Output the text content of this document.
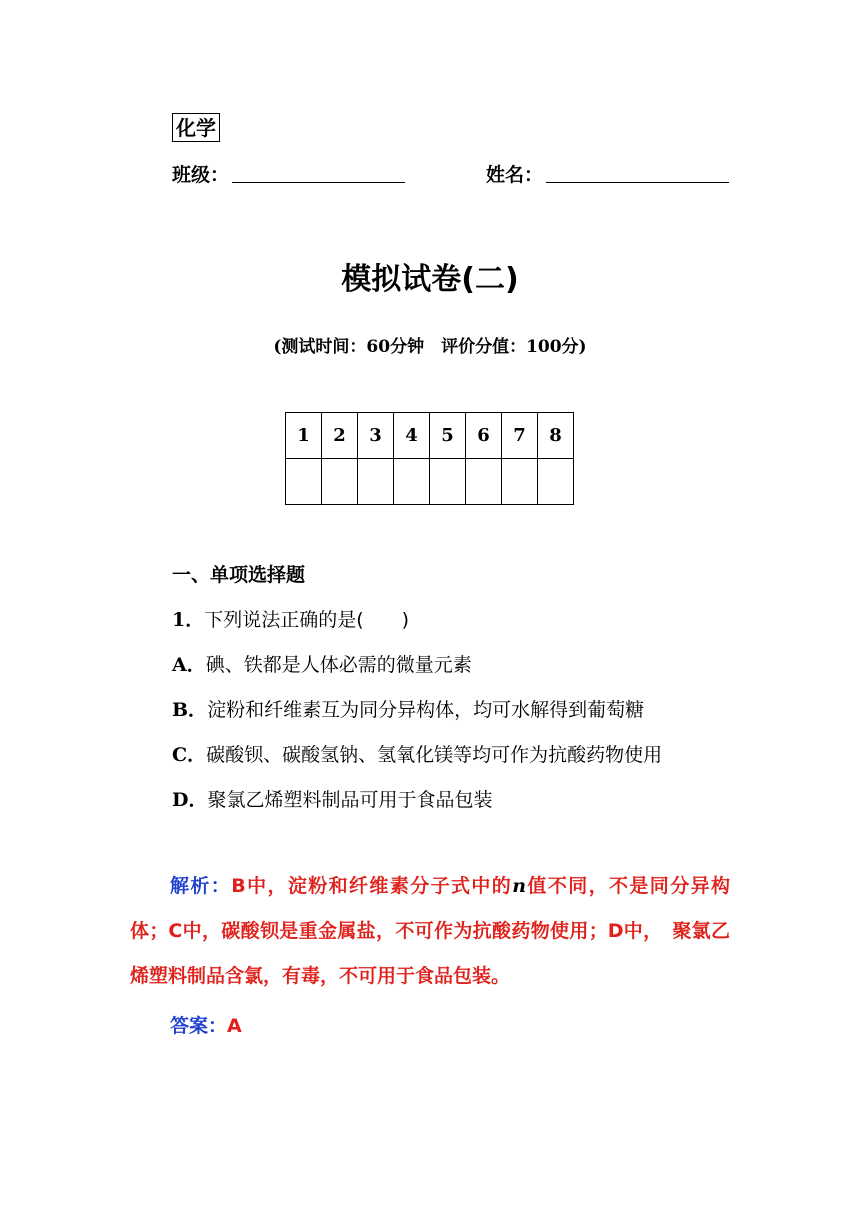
化学
班级：	姓名：
模拟试卷(二)
(测试时间：60分钟　评价分值：100分)
1	2	3	4	5	6	7	8

一、单项选择题
1．下列说法正确的是(　　)
A．碘、铁都是人体必需的微量元素
B．淀粉和纤维素互为同分异构体，均可水解得到葡萄糖
C．碳酸钡、碳酸氢钠、氢氧化镁等均可作为抗酸药物使用
D．聚氯乙烯塑料制品可用于食品包装
解析：B中，淀粉和纤维素分子式中的n值不同，不是同分异构体；C中，碳酸钡是重金属盐，不可作为抗酸药物使用；D中，　聚氯乙烯塑料制品含氯，有毒，不可用于食品包装。
答案：A
